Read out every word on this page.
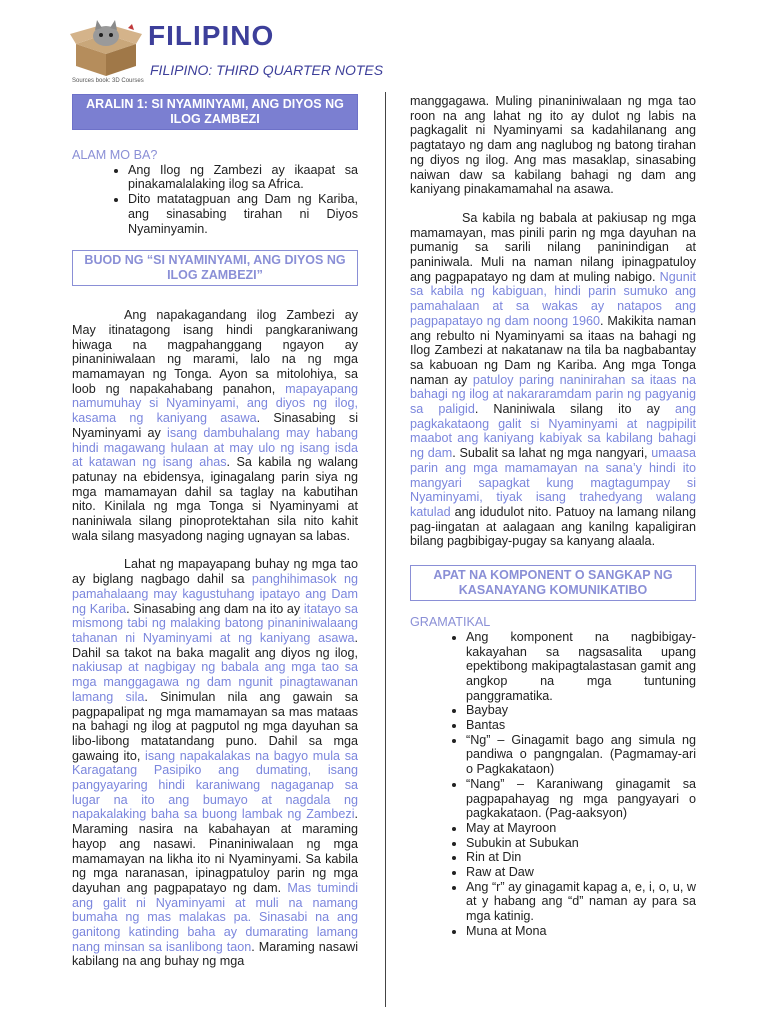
FILIPINO
FILIPINO: THIRD QUARTER NOTES
Sources book: 3D Courses
ARALIN 1: SI NYAMINYAMI, ANG DIYOS NG ILOG ZAMBEZI
ALAM MO BA?
• Ang Ilog ng Zambezi ay ikaapat sa pinakamalalaking ilog sa Africa.
• Dito matatagpuan ang Dam ng Kariba, ang sinasabing tirahan ni Diyos Nyaminyamin.
BUOD NG “SI NYAMINYAMI, ANG DIYOS NG ILOG ZAMBEZI”

Ang napakagandang ilog Zambezi ay May itinatagong isang hindi pangkaraniwang hiwaga na magpahanggang ngayon ay pinaniniwalaan ng marami, lalo na ng mga mamamayan ng Tonga. Ayon sa mitolohiya, sa loob ng napakahabang panahon, mapayapang namumuhay si Nyaminyami, ang diyos ng ilog, kasama ng kaniyang asawa. Sinasabing si Nyaminyami ay isang dambuhalang may habang hindi magawang hulaan at may ulo ng isang isda at katawan ng isang ahas. Sa kabila ng walang patunay na ebidensya, iginagalang parin siya ng mga mamamayan dahil sa taglay na kabutihan nito. Kinilala ng mga Tonga si Nyaminyami at naniniwala silang pinoprotektahan sila nito kahit wala silang masyadong naging ugnayan sa labas.

Lahat ng mapayapang buhay ng mga tao ay biglang nagbago dahil sa panghihimasok ng pamahalaang may kagustuhang ipatayo ang Dam ng Kariba. Sinasabing ang dam na ito ay itatayo sa mismong tabi ng malaking batong pinaniniwalaang tahanan ni Nyaminyami at ng kaniyang asawa. Dahil sa takot na baka magalit ang diyos ng ilog, nakiusap at nagbigay ng babala ang mga tao sa mga manggagawa ng dam ngunit pinagtawanan lamang sila. Sinimulan nila ang gawain sa pagpapalipat ng mga mamamayan sa mas mataas na bahagi ng ilog at pagputol ng mga dayuhan sa libo-libong matatandang puno. Dahil sa mga gawaing ito, isang napakalakas na bagyo mula sa Karagatang Pasipiko ang dumating, isang pangyayaring hindi karaniwang nagaganap sa lugar na ito ang bumayo at nagdala ng napakalaking baha sa buong lambak ng Zambezi. Maraming nasira na kabahayan at maraming hayop ang nasawi. Pinaniniwalaan ng mga mamamayan na likha ito ni Nyaminyami. Sa kabila ng mga naranasan, ipinagpatuloy parin ng mga dayuhan ang pagpapatayo ng dam. Mas tumindi ang galit ni Nyaminyami at muli na namang bumaha ng mas malakas pa. Sinasabi na ang ganitong katinding baha ay dumarating lamang nang minsan sa isanlibong taon. Maraming nasawi kabilang na ang buhay ng mga

manggagawa. Muling pinaniniwalaan ng mga tao roon na ang lahat ng ito ay dulot ng labis na pagkagalit ni Nyaminyami sa kadahilanang ang pagtatayo ng dam ang naglubog ng batong tirahan ng diyos ng ilog. Ang mas masaklap, sinasabing naiwan daw sa kabilang bahagi ng dam ang kaniyang pinakamamahal na asawa.

Sa kabila ng babala at pakiusap ng mga mamamayan, mas pinili parin ng mga dayuhan na pumanig sa sarili nilang paninindigan at paniniwala. Muli na naman nilang ipinagpatuloy ang pagpapatayo ng dam at muling nabigo. Ngunit sa kabila ng kabiguan, hindi parin sumuko ang pamahalaan at sa wakas ay natapos ang pagpapatayo ng dam noong 1960. Makikita naman ang rebulto ni Nyaminyami sa itaas na bahagi ng Ilog Zambezi at nakatanaw na tila ba nagbabantay sa kabuoan ng Dam ng Kariba. Ang mga Tonga naman ay patuloy paring naninirahan sa itaas na bahagi ng ilog at nakararamdam parin ng pagyanig sa paligid. Naniniwala silang ito ay ang pagkakataong galit si Nyaminyami at nagpipilit maabot ang kaniyang kabiyak sa kabilang bahagi ng dam. Subalit sa lahat ng mga nangyari, umaasa parin ang mga mamamayan na sana’y hindi ito mangyari sapagkat kung magtagumpay si Nyaminyami, tiyak isang trahedyang walang katulad ang idudulot nito. Patuoy na lamang nilang pag-iingatan at aalagaan ang kanilng kapaligiran bilang pagbibigay-pugay sa kanyang alaala.

APAT NA KOMPONENT O SANGKAP NG KASANAYANG KOMUNIKATIBO
GRAMATIKAL
• Ang komponent na nagbibigay-kakayahan sa nagsasalita upang epektibong makipagtalastasan gamit ang angkop na mga tuntuning panggramatika.
• Baybay
• Bantas
• “Ng” – Ginagamit bago ang simula ng pandiwa o pangngalan. (Pagmamay-ari o Pagkakataon)
• “Nang” – Karaniwang ginagamit sa pagpapahayag ng mga pangyayari o pagkakataon. (Pag-aaksyon)
• May at Mayroon
• Subukin at Subukan
• Rin at Din
• Raw at Daw
• Ang “r” ay ginagamit kapag a, e, i, o, u, w at y habang ang “d” naman ay para sa mga katinig.
• Muna at Mona
